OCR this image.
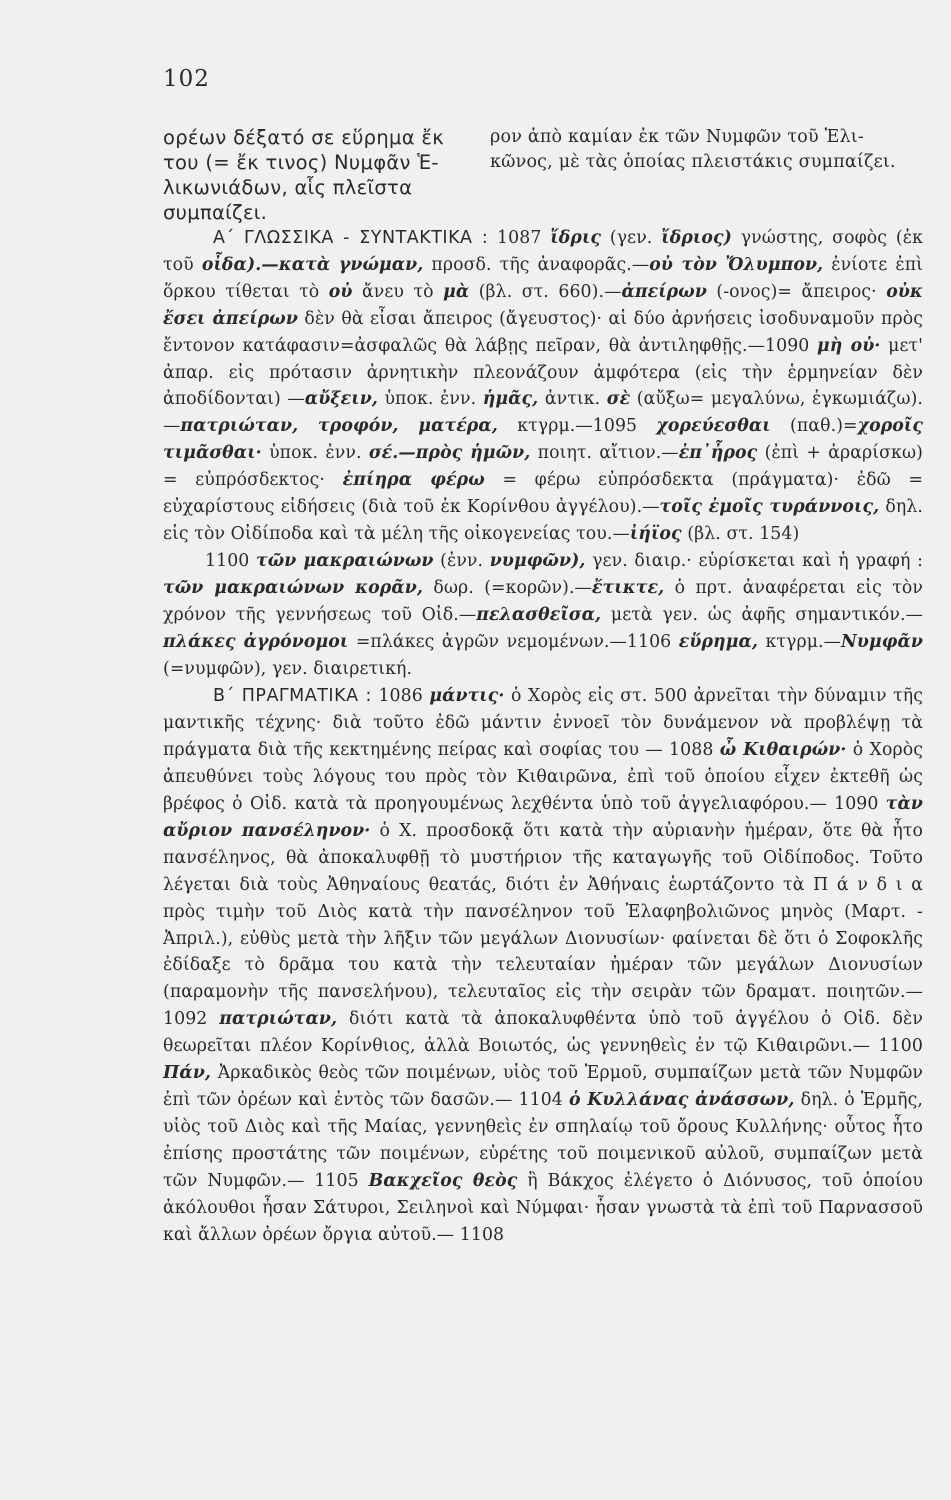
102

ορέων δέξατό σε εὕρημα ἔκ του (= ἔκ τινος) Νυμφᾶν Ἑ- λικωνιάδων, αἷς πλεῖστα συμπαίζει.

ρον ἀπὸ καμίαν ἐκ τῶν Νυμφῶν τοῦ Ἑλι- κῶνος, μὲ τὰς ὁποίας πλειστάκις συμπαίζει.

Α΄ ΓΛΩΣΣΙΚΑ - ΣΥΝΤΑΚΤΙΚΑ : 1087 ἴδρις (γεν. ἴδριος) γνώστης, σοφὸς (ἐκ τοῦ οἶδα).—κατὰ γνώμαν, προσδ. τῆς ἀναφορᾶς.—οὐ τὸν Ὄλυμπον, ἐνίοτε ἐπὶ ὅρκου τίθεται τὸ οὐ ἄνευ τὸ μὰ (βλ. στ. 660).—ἀπείρων (-ονος)= ἄπειρος· οὐκ ἔσει ἀπείρων δὲν θὰ εἶσαι ἄπειρος (ἄγευστος)· αἱ δύο ἀρνήσεις ἰσοδυναμοῦν πρὸς ἔντονον κατάφασιν=ἀσφαλῶς θὰ λάβῃς πεῖραν, θὰ ἀντιληφθῇς.—1090 μὴ οὐ· μετ' ἀπαρ. εἰς πρότασιν ἀρνητικὴν πλεονάζουν ἀμφότερα (εἰς τὴν ἑρμηνείαν δὲν ἀποδίδονται) —αὔξειν, ὑποκ. ἐνν. ἡμᾶς, ἀντικ. σὲ (αὔξω= μεγαλύνω, ἐγκωμιάζω).—πατριώταν, τροφόν, ματέρα, κτγρμ.—1095 χορεύεσθαι (παθ.)=χοροῖς τιμᾶσθαι· ὑποκ. ἐνν. σέ.—πρὸς ἡμῶν, ποιητ. αἴτιον.—ἐπ᾽ἦρος (ἐπὶ + ἀραρίσκω) = εὐπρόσδεκτος· ἐπίηρα φέρω = φέρω εὐπρόσδεκτα (πράγματα)· ἐδῶ = εὐχαρίστους εἰδήσεις (διὰ τοῦ ἐκ Κορίνθου ἀγγέλου).—τοῖς ἐμοῖς τυράννοις, δηλ. εἰς τὸν Οἰδίποδα καὶ τὰ μέλη τῆς οἰκογενείας του.—ἰήϊος (βλ. στ. 154)

1100 τῶν μακραιώνων (ἐνν. νυμφῶν), γεν. διαιρ.· εὑρίσκεται καὶ ἡ γραφή : τῶν μακραιώνων κορᾶν, δωρ. (=κορῶν).—ἔτικτε, ὁ πρτ. ἀναφέρεται εἰς τὸν χρόνον τῆς γεννήσεως τοῦ Οἰδ.—πελασθεῖσα, μετὰ γεν. ὡς ἀφῆς σημαντικόν.—πλάκες ἀγρόνομοι =πλάκες ἀγρῶν νεμομένων.—1106 εὕρημα, κτγρμ.—Νυμφᾶν (=νυμφῶν), γεν. διαιρετική.

Β΄ ΠΡΑΓΜΑΤΙΚΑ : 1086 μάντις· ὁ Χορὸς εἰς στ. 500 ἀρνεῖται τὴν δύναμιν τῆς μαντικῆς τέχνης· διὰ τοῦτο ἐδῶ μάντιν ἐννοεῖ τὸν δυνάμενον νὰ προβλέψῃ τὰ πράγματα διὰ τῆς κεκτημένης πείρας καὶ σοφίας του — 1088 ὦ Κιθαιρών· ὁ Χορὸς ἀπευθύνει τοὺς λόγους του πρὸς τὸν Κιθαιρῶνα, ἐπὶ τοῦ ὁποίου εἶχεν ἐκτεθῆ ὡς βρέφος ὁ Οἰδ. κατὰ τὰ προηγουμένως λεχθέντα ὑπὸ τοῦ ἀγγελιαφόρου.— 1090 τὰν αὔριον πανσέληνον· ὁ Χ. προσδοκᾷ ὅτι κατὰ τὴν αὐριανὴν ἡμέραν, ὅτε θὰ ἦτο πανσέληνος, θὰ ἀποκαλυφθῇ τὸ μυστήριον τῆς καταγωγῆς τοῦ Οἰδίποδος. Τοῦτο λέγεται διὰ τοὺς Ἀθηναίους θεατάς, διότι ἐν Ἀθήναις ἑωρτάζοντο τὰ Π ά ν δ ι α πρὸς τιμὴν τοῦ Διὸς κατὰ τὴν πανσέληνον τοῦ Ἐλαφηβολιῶνος μηνὸς (Μαρτ. - Ἀπριλ.), εὐθὺς μετὰ τὴν λῆξιν τῶν μεγάλων Διονυσίων· φαίνεται δὲ ὅτι ὁ Σοφοκλῆς ἐδίδαξε τὸ δρᾶμα του κατὰ τὴν τελευταίαν ἡμέραν τῶν μεγάλων Διονυσίων (παραμονὴν τῆς πανσελήνου), τελευταῖος εἰς τὴν σειρὰν τῶν δραματ. ποιητῶν.— 1092 πατριώταν, διότι κατὰ τὰ ἀποκαλυφθέντα ὑπὸ τοῦ ἀγγέλου ὁ Οἰδ. δὲν θεωρεῖται πλέον Κορίνθιος, ἀλλὰ Βοιωτός, ὡς γεννηθεὶς ἐν τῷ Κιθαιρῶνι.— 1100 Πάν, Ἀρκαδικὸς θεὸς τῶν ποιμένων, υἱὸς τοῦ Ἑρμοῦ, συμπαίζων μετὰ τῶν Νυμφῶν ἐπὶ τῶν ὀρέων καὶ ἐντὸς τῶν δασῶν.— 1104 ὁ Κυλλάνας ἀνάσσων, δηλ. ὁ Ἑρμῆς, υἱὸς τοῦ Διὸς καὶ τῆς Μαίας, γεννηθεὶς ἐν σπηλαίῳ τοῦ ὄρους Κυλλήνης· οὗτος ἦτο ἐπίσης προστάτης τῶν ποιμένων, εὑρέτης τοῦ ποιμενικοῦ αὐλοῦ, συμπαίζων μετὰ τῶν Νυμφῶν.— 1105 Βακχεῖος θεὸς ἢ Βάκχος ἐλέγετο ὁ Διόνυσος, τοῦ ὁποίου ἀκόλουθοι ἦσαν Σάτυροι, Σειληνοὶ καὶ Νύμφαι· ἦσαν γνωστὰ τὰ ἐπὶ τοῦ Παρνασσοῦ καὶ ἄλλων ὀρέων ὄργια αὐτοῦ.— 1108
